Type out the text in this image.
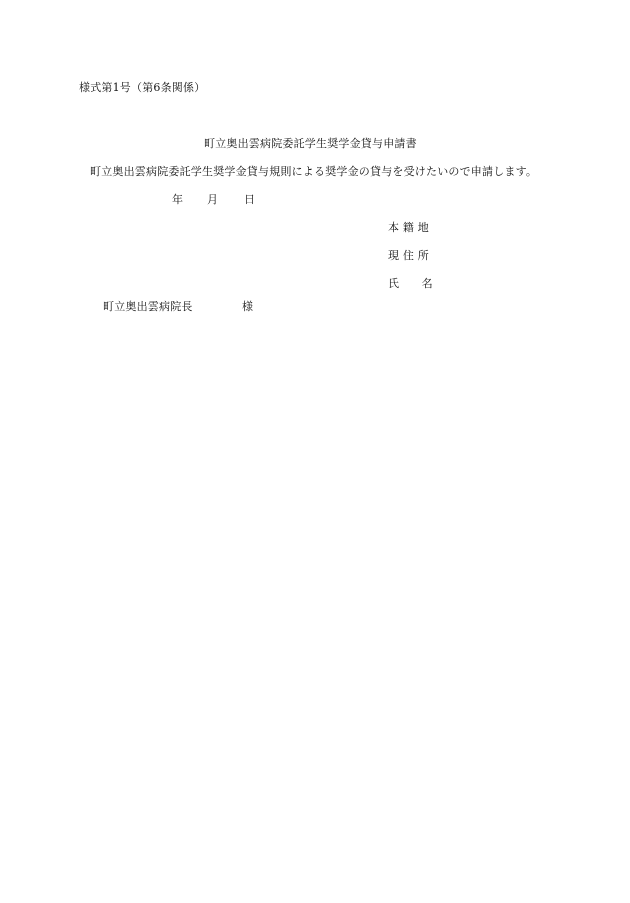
様式第1号（第6条関係）
町立奥出雲病院委託学生奨学金貸与申請書
町立奥出雲病院委託学生奨学金貸与規則による奨学金の貸与を受けたいので申請します。
年 月 日
本 籍 地
現 住 所
氏　　名
町立奥出雲病院長	様
